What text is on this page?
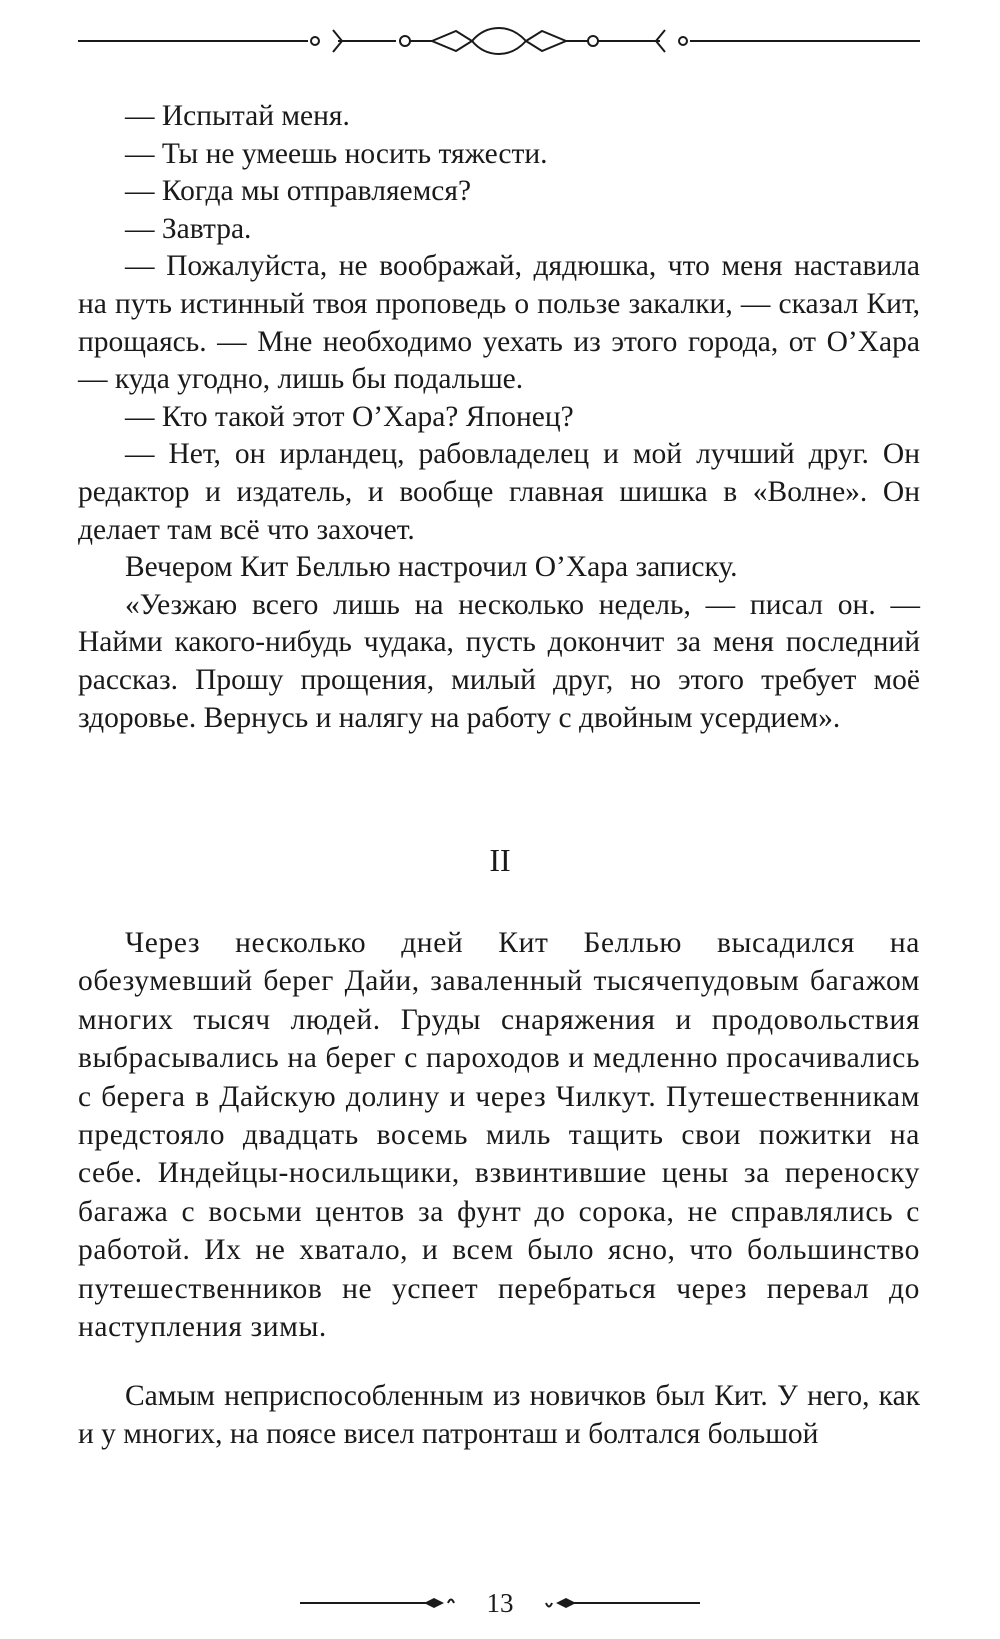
— Испытай меня.

— Ты не умеешь носить тяжести.

— Когда мы отправляемся?

— Завтра.

— Пожалуйста, не воображай, дядюшка, что меня наставила на путь истинный твоя проповедь о пользе закалки, — сказал Кит, прощаясь. — Мне необходимо уехать из этого города, от О’Хара — куда угодно, лишь бы подальше.

— Кто такой этот О’Хара? Японец?

— Нет, он ирландец, рабовладелец и мой лучший друг. Он редактор и издатель, и вообще главная шишка в «Волне». Он делает там всё что захочет.

Вечером Кит Беллью настрочил О’Хара записку.

«Уезжаю всего лишь на несколько недель, — писал он. — Найми какого-нибудь чудака, пусть докончит за меня последний рассказ. Прошу прощения, милый друг, но этого требует моё здоровье. Вернусь и налягу на работу с двойным усердием».

II

Через несколько дней Кит Беллью высадился на обезумевший берег Дайи, заваленный тысячепудовым багажом многих тысяч людей. Груды снаряжения и продовольствия выбрасывались на берег с пароходов и медленно просачивались с берега в Дайскую долину и через Чилкут. Путешественникам предстояло двадцать восемь миль тащить свои пожитки на себе. Индейцы-носильщики, взвинтившие цены за переноску багажа с восьми центов за фунт до сорока, не справлялись с работой. Их не хватало, и всем было ясно, что большинство путешественников не успеет перебраться через перевал до наступления зимы.

Самым неприспособленным из новичков был Кит. У него, как и у многих, на поясе висел патронташ и болтался большой

13
